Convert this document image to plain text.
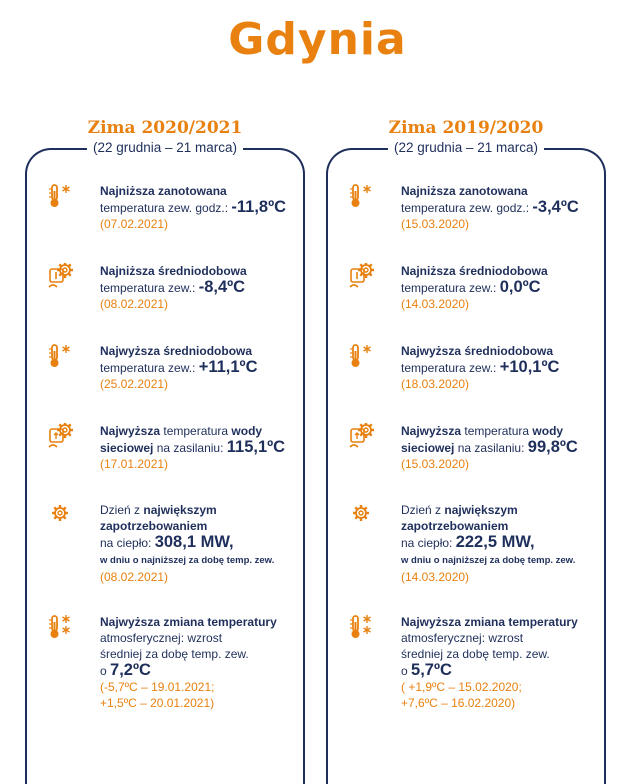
Gdynia
Zima 2020/2021
(22 grudnia – 21 marca)
Najniższa zanotowana
temperatura zew. godz.: -11,8ºC
(07.02.2021)
Najniższa średniodobowa
temperatura zew.: -8,4ºC
(08.02.2021)
Najwyższa średniodobowa
temperatura zew.: +11,1ºC
(25.02.2021)
Najwyższa temperatura wody
sieciowej na zasilaniu: 115,1ºC
(17.01.2021)
Dzień z największym
zapotrzebowaniem
na ciepło: 308,1 MW,
w dniu o najniższej za dobę temp. zew.
(08.02.2021)
Najwyższa zmiana temperatury
atmosferycznej: wzrost
średniej za dobę temp. zew.
o 7,2ºC
(-5,7ºC – 19.01.2021;
+1,5ºC – 20.01.2021)
Zima 2019/2020
(22 grudnia – 21 marca)
Najniższa zanotowana
temperatura zew. godz.: -3,4ºC
(15.03.2020)
Najniższa średniodobowa
temperatura zew.: 0,0ºC
(14.03.2020)
Najwyższa średniodobowa
temperatura zew.: +10,1ºC
(18.03.2020)
Najwyższa temperatura wody
sieciowej na zasilaniu: 99,8ºC
(15.03.2020)
Dzień z największym
zapotrzebowaniem
na ciepło: 222,5 MW,
w dniu o najniższej za dobę temp. zew.
(14.03.2020)
Najwyższa zmiana temperatury
atmosferycznej: wzrost
średniej za dobę temp. zew.
o 5,7ºC
( +1,9ºC – 15.02.2020;
+7,6ºC – 16.02.2020)
